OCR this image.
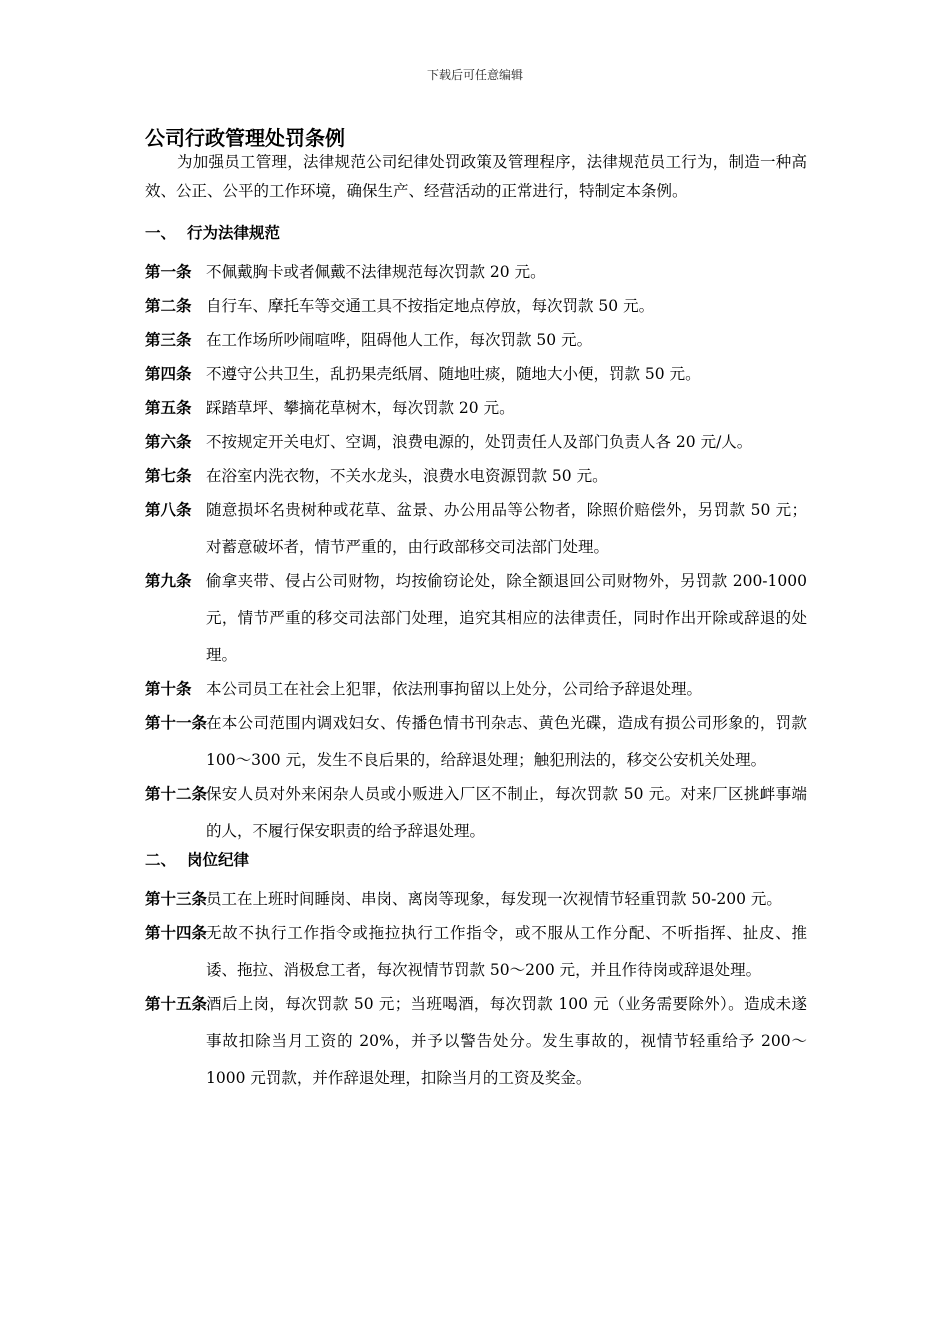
下载后可任意编辑
公司行政管理处罚条例

为加强员工管理，法律规范公司纪律处罚政策及管理程序，法律规范员工行为，制造一种高效、公正、公平的工作环境，确保生产、经营活动的正常进行，特制定本条例。

一、 行为法律规范
第一条 不佩戴胸卡或者佩戴不法律规范每次罚款 20 元。
第二条 自行车、摩托车等交通工具不按指定地点停放，每次罚款 50 元。
第三条 在工作场所吵闹喧哗，阻碍他人工作，每次罚款 50 元。
第四条 不遵守公共卫生，乱扔果壳纸屑、随地吐痰，随地大小便，罚款 50 元。
第五条 踩踏草坪、攀摘花草树木，每次罚款 20 元。
第六条 不按规定开关电灯、空调，浪费电源的，处罚责任人及部门负责人各 20 元/人。
第七条 在浴室内洗衣物，不关水龙头，浪费水电资源罚款 50 元。
第八条 随意损坏名贵树种或花草、盆景、办公用品等公物者，除照价赔偿外，另罚款 50 元；对蓄意破坏者，情节严重的，由行政部移交司法部门处理。
第九条 偷拿夹带、侵占公司财物，均按偷窃论处，除全额退回公司财物外，另罚款 200-1000 元，情节严重的移交司法部门处理，追究其相应的法律责任，同时作出开除或辞退的处理。
第十条 本公司员工在社会上犯罪，依法刑事拘留以上处分，公司给予辞退处理。
第十一条
在本公司范围内调戏妇女、传播色情书刊杂志、黄色光碟，造成有损公司形象的，罚款 100～300 元，发生不良后果的，给辞退处理；触犯刑法的，移交公安机关处理。
第十二条
保安人员对外来闲杂人员或小贩进入厂区不制止，每次罚款 50 元。对来厂区挑衅事端的人，不履行保安职责的给予辞退处理。
二、 岗位纪律
第十三条
员工在上班时间睡岗、串岗、离岗等现象，每发现一次视情节轻重罚款 50-200 元。
第十四条
无故不执行工作指令或拖拉执行工作指令，或不服从工作分配、不听指挥、扯皮、推诿、拖拉、消极怠工者，每次视情节罚款 50～200 元，并且作待岗或辞退处理。
第十五条
酒后上岗，每次罚款 50 元；当班喝酒，每次罚款 100 元（业务需要除外）。造成未遂事故扣除当月工资的 20%，并予以警告处分。发生事故的，视情节轻重给予 200～1000 元罚款，并作辞退处理，扣除当月的工资及奖金。
